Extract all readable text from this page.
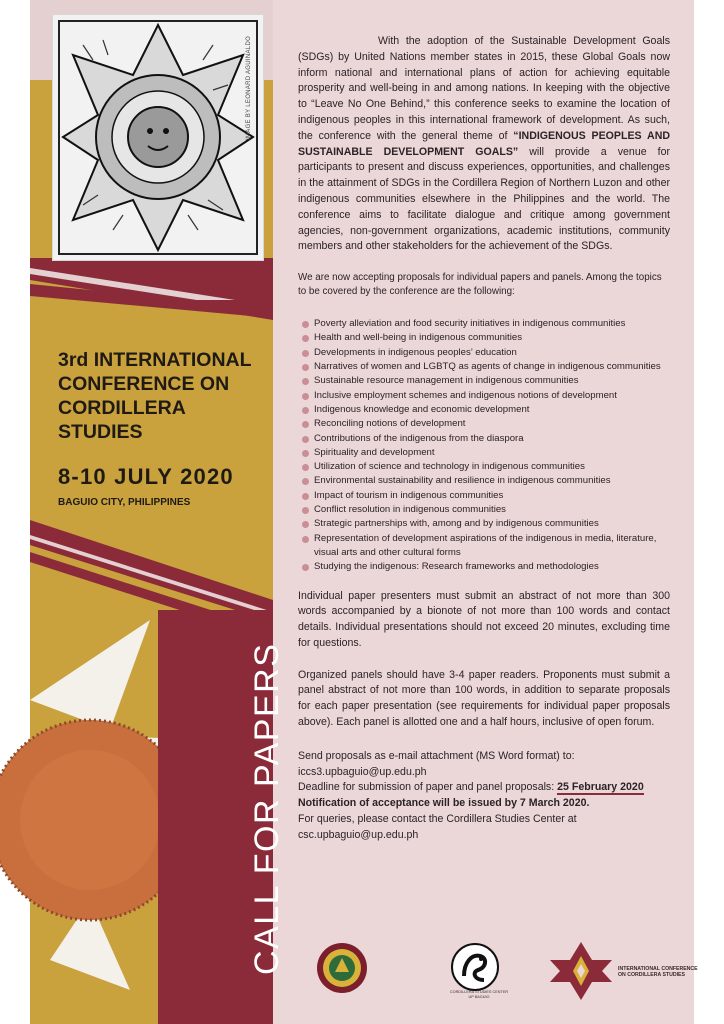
IMAGE BY LEONARD AGUINALDO
3rd INTERNATIONAL CONFERENCE ON CORDILLERA STUDIES
8-10 JULY 2020
BAGUIO CITY, PHILIPPINES
CALL FOR PAPERS

With the adoption of the Sustainable Development Goals (SDGs) by United Nations member states in 2015, these Global Goals now inform national and international plans of action for achieving equitable prosperity and well-being in and among nations. In keeping with the objective to “Leave No One Behind,” this conference seeks to examine the location of indigenous peoples in this international framework of development. As such, the conference with the general theme of “INDIGENOUS PEOPLES AND SUSTAINABLE DEVELOPMENT GOALS” will provide a venue for participants to present and discuss experiences, opportunities, and challenges in the attainment of SDGs in the Cordillera Region of Northern Luzon and other indigenous communities elsewhere in the Philippines and the world. The conference aims to facilitate dialogue and critique among government agencies, non-government organizations, academic institutions, community members and other stakeholders for the achievement of the SDGs.

We are now accepting proposals for individual papers and panels. Among the topics to be covered by the conference are the following:

Poverty alleviation and food security initiatives in indigenous communities
Health and well-being in indigenous communities
Developments in indigenous peoples’ education
Narratives of women and LGBTQ as agents of change in indigenous communities
Sustainable resource management in indigenous communities
Inclusive employment schemes and indigenous notions of development
Indigenous knowledge and economic development
Reconciling notions of development
Contributions of the indigenous from the diaspora
Spirituality and development
Utilization of science and technology in indigenous communities
Environmental sustainability and resilience in indigenous communities
Impact of tourism in indigenous communities
Conflict resolution in indigenous communities
Strategic partnerships with, among and by indigenous communities
Representation of development aspirations of the indigenous in media, literature, visual arts and other cultural forms
Studying the indigenous: Research frameworks and methodologies

Individual paper presenters must submit an abstract of not more than 300 words accompanied by a bionote of not more than 100 words and contact details. Individual presentations should not exceed 20 minutes, excluding time for questions.

Organized panels should have 3-4 paper readers. Proponents must submit a panel abstract of not more than 100 words, in addition to separate proposals for each paper presentation (see requirements for individual paper proposals above). Each panel is allotted one and a half hours, inclusive of open forum.

Send proposals as e-mail attachment (MS Word format) to:
iccs3.upbaguio@up.edu.ph
Deadline for submission of paper and panel proposals: 25 February 2020
Notification of acceptance will be issued by 7 March 2020.
For queries, please contact the Cordillera Studies Center at
csc.upbaguio@up.edu.ph
CORDILLERA STUDIES CENTER UP BAGUIO
INTERNATIONAL CONFERENCE ON CORDILLERA STUDIES
